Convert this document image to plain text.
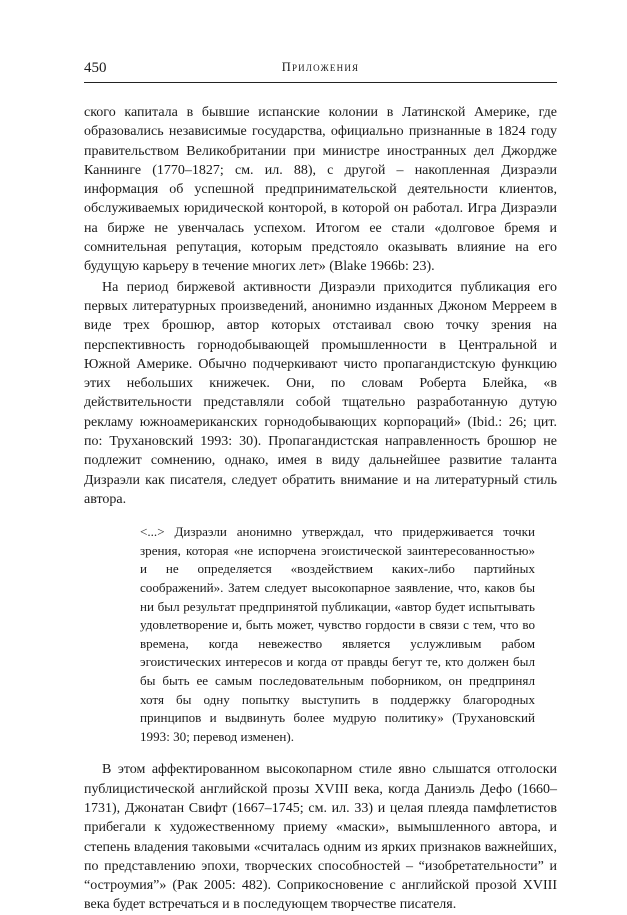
450	Приложения

ского капитала в бывшие испанские колонии в Латинской Америке, где образовались независимые государства, официально признанные в 1824 году правительством Великобритании при министре иностранных дел Джордже Каннинге (1770–1827; см. ил. 88), с другой – накопленная Дизраэли информация об успешной предпринимательской деятельности клиентов, обслуживаемых юридической конторой, в которой он работал. Игра Дизраэли на бирже не увенчалась успехом. Итогом ее стали «долговое бремя и сомнительная репутация, которым предстояло оказывать влияние на его будущую карьеру в течение многих лет» (Blake 1966b: 23).

На период биржевой активности Дизраэли приходится публикация его первых литературных произведений, анонимно изданных Джоном Меррeем в виде трех брошюр, автор которых отстаивал свою точку зрения на перспективность горнодобывающей промышленности в Центральной и Южной Америке. Обычно подчеркивают чисто пропагандистскую функцию этих небольших книжечек. Они, по словам Роберта Блейка, «в действительности представляли собой тщательно разработанную дутую рекламу южноамериканских горнодобывающих корпораций» (Ibid.: 26; цит. по: Трухановский 1993: 30). Пропагандистская направленность брошюр не подлежит сомнению, однако, имея в виду дальнейшее развитие таланта Дизраэли как писателя, следует обратить внимание и на литературный стиль автора.

<...> Дизраэли анонимно утверждал, что придерживается точки зрения, которая «не испорчена эгоистической заинтересованностью» и не определяется «воздействием каких-либо партийных соображений». Затем следует высокопарное заявление, что, каков бы ни был результат предпринятой публикации, «автор будет испытывать удовлетворение и, быть может, чувство гордости в связи с тем, что во времена, когда невежество является услужливым рабом эгоистических интересов и когда от правды бегут те, кто должен был бы быть ее самым последовательным поборником, он предпринял хотя бы одну попытку выступить в поддержку благородных принципов и выдвинуть более мудрую политику» (Трухановский 1993: 30; перевод изменен).

В этом аффектированном высокопарном стиле явно слышатся отголоски публицистической английской прозы XVIII века, когда Даниэль Дефо (1660–1731), Джонатан Свифт (1667–1745; см. ил. 33) и целая плеяда памфлетистов прибегали к художественному приему «маски», вымышленного автора, и степень владения таковыми «считалась одним из ярких признаков важнейших, по представлению эпохи, творческих способностей – “изобретательности” и “остроумия”» (Рак 2005: 482). Соприкосновение с английской прозой XVIII века будет встречаться и в последующем творчестве писателя.
